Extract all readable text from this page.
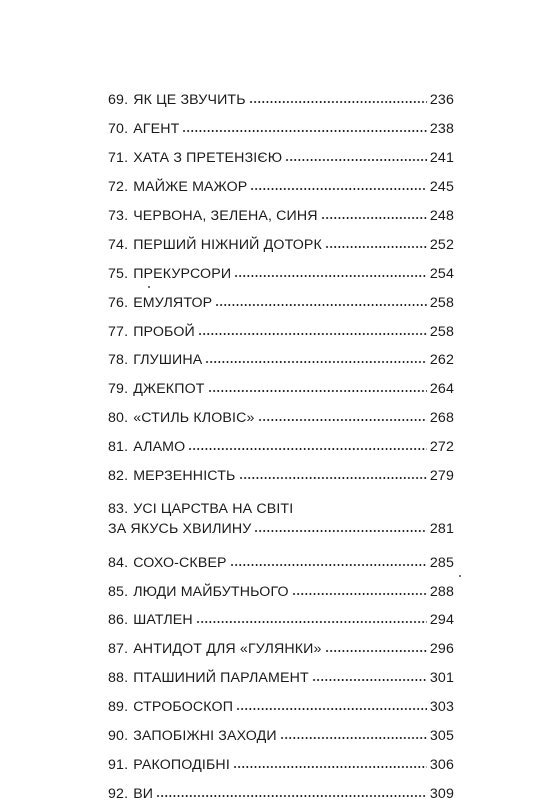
69. ЯК ЦЕ ЗВУЧИТЬ	236
70. АГЕНТ	238
71. ХАТА З ПРЕТЕНЗІЄЮ	241
72. МАЙЖЕ МАЖОР	245
73. ЧЕРВОНА, ЗЕЛЕНА, СИНЯ	248
74. ПЕРШИЙ НІЖНИЙ ДОТОРК	252
75. ПРЕКУРСОРИ	254
76. ЕМУЛЯТОР	258
77. ПРОБОЙ	258
78. ГЛУШИНА	262
79. ДЖЕКПОТ	264
80. «СТИЛЬ КЛОВІС»	268
81. АЛАМО	272
82. МЕРЗЕННІСТЬ	279
83. УСІ ЦАРСТВА НА СВІТІ
ЗА ЯКУСЬ ХВИЛИНУ	281
84. СОХО-СКВЕР	285
85. ЛЮДИ МАЙБУТНЬОГО	288
86. ШАТЛЕН	294
87. АНТИДОТ ДЛЯ «ГУЛЯНКИ»	296
88. ПТАШИНИЙ ПАРЛАМЕНТ	301
89. СТРОБОСКОП	303
90. ЗАПОБІЖНІ ЗАХОДИ	305
91. РАКОПОДІБНІ	306
92. ВИ	309
